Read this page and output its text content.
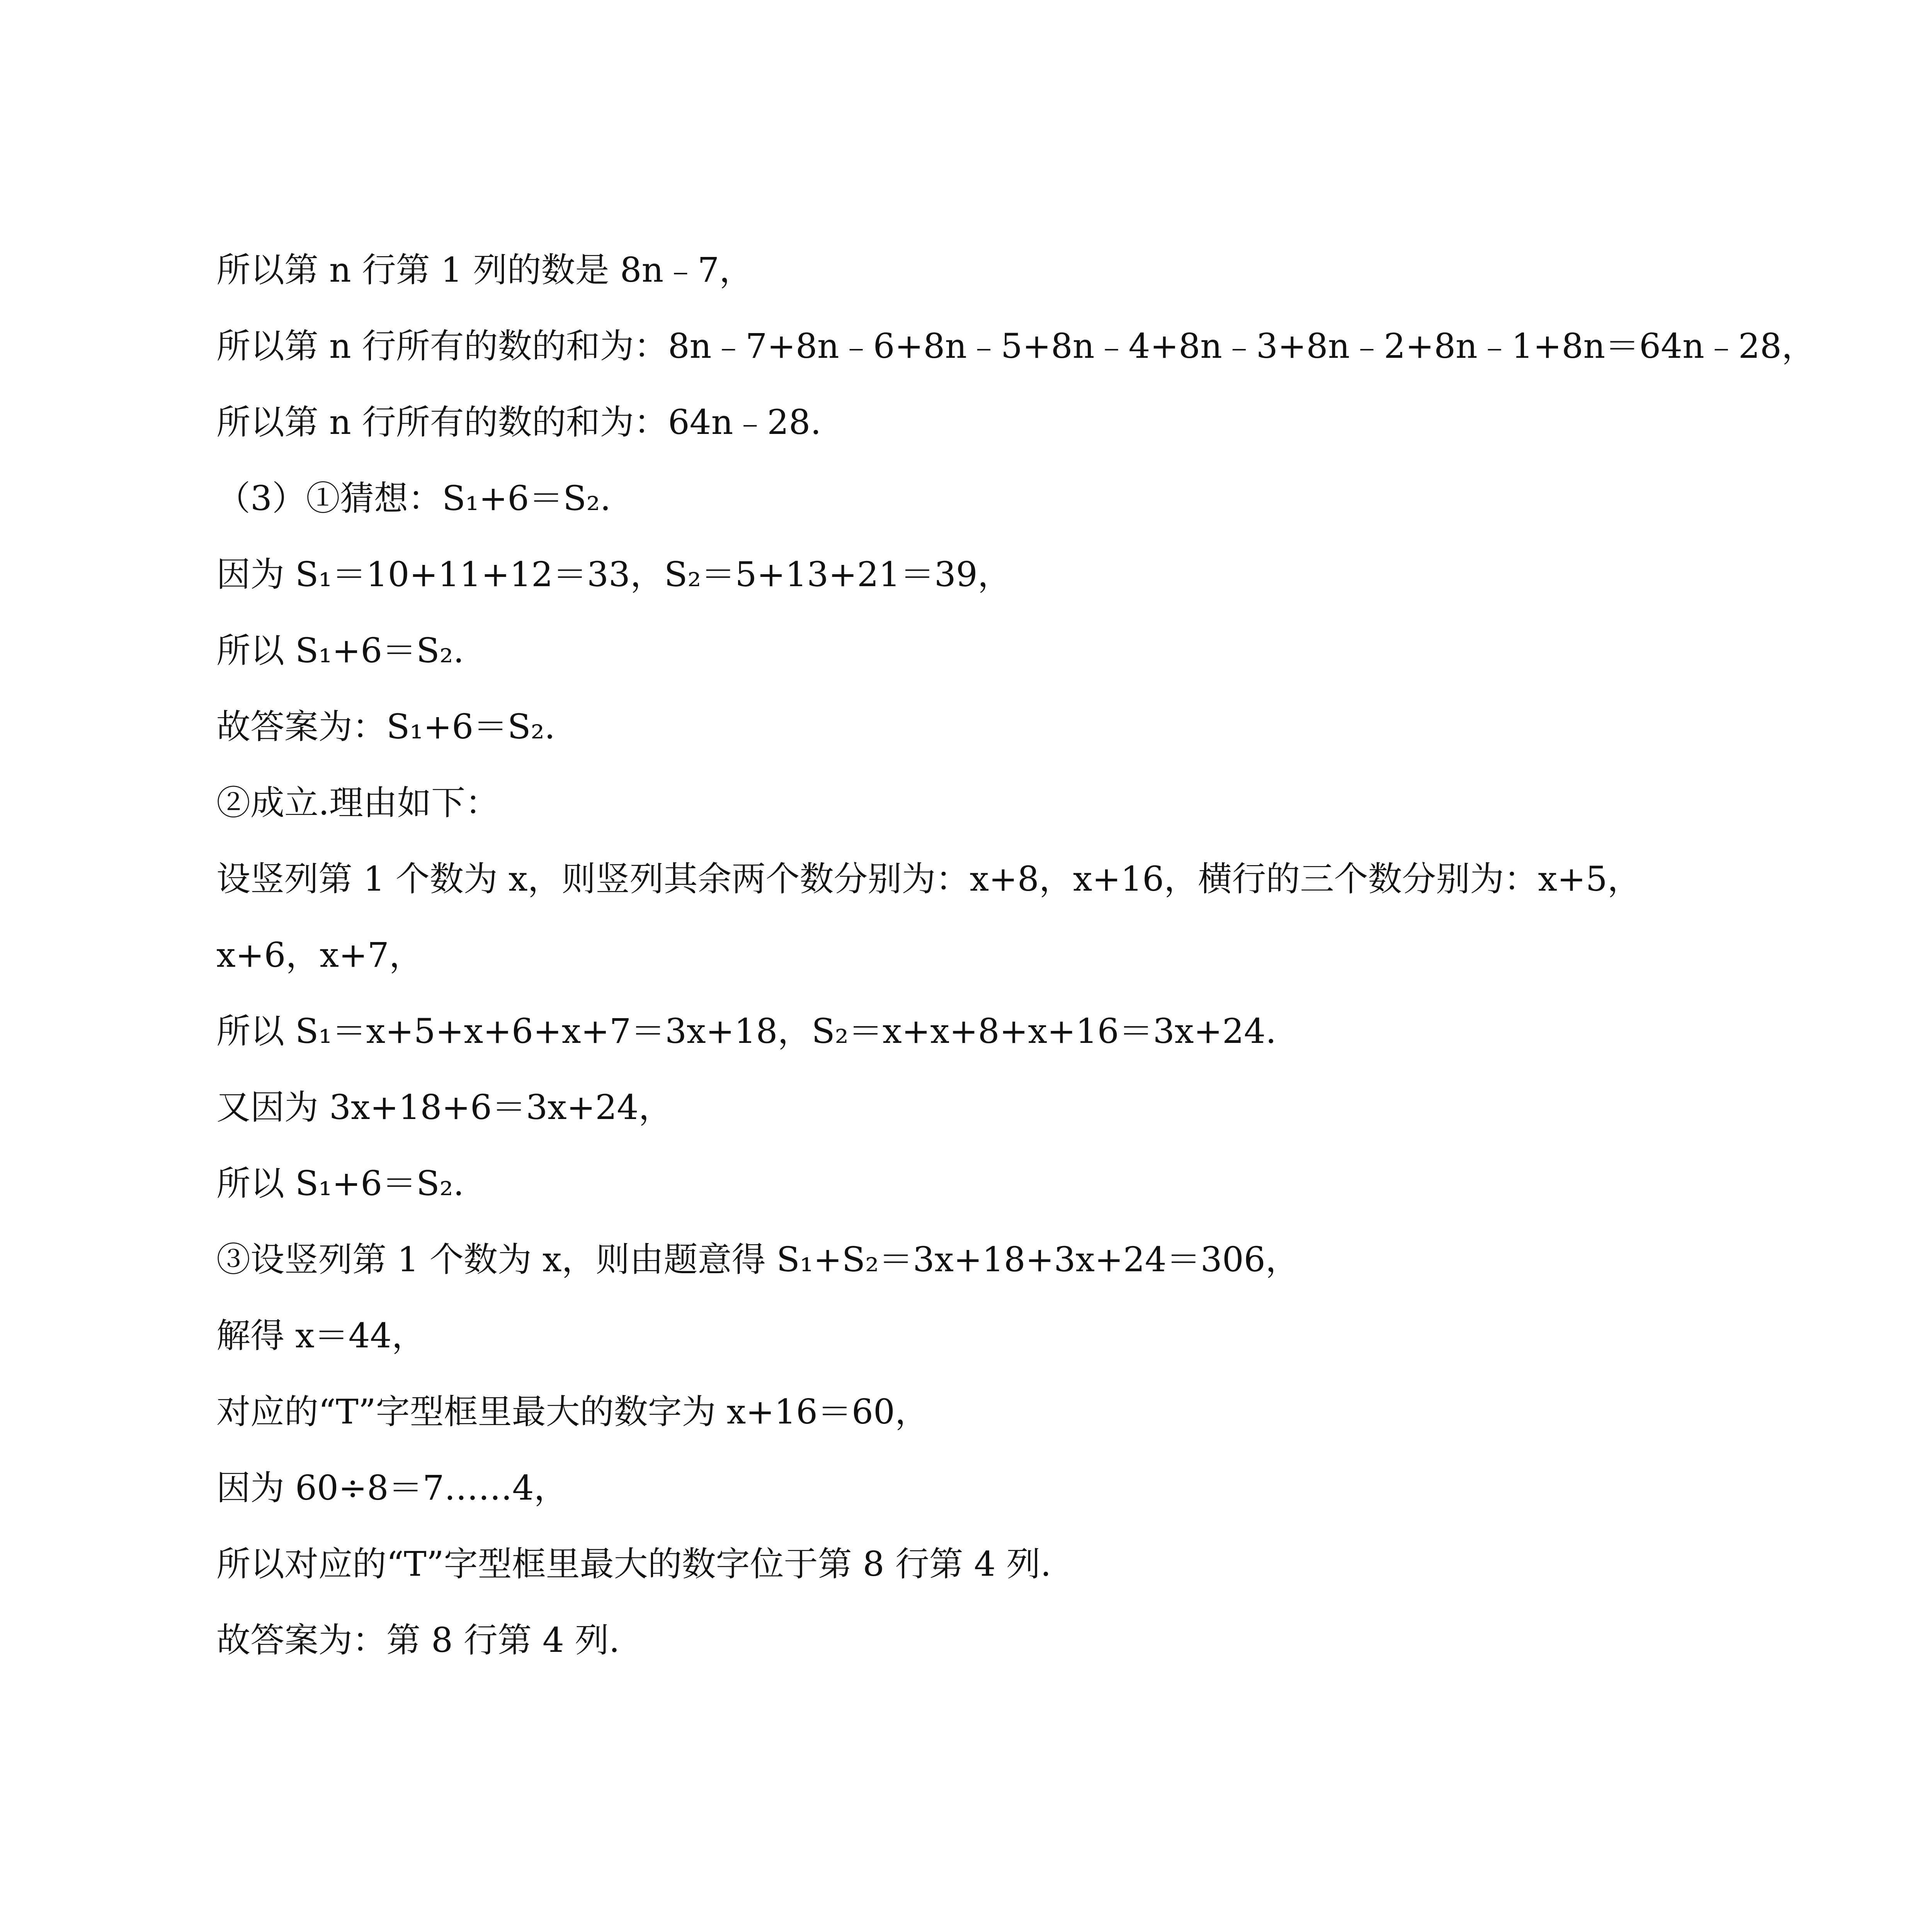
所以第 n 行第 1 列的数是 8n﹣7，

所以第 n 行所有的数的和为：8n﹣7+8n﹣6+8n﹣5+8n﹣4+8n﹣3+8n﹣2+8n﹣1+8n＝64n﹣28，

所以第 n 行所有的数的和为：64n﹣28.

（3）①猜想：S₁+6＝S₂.

因为 S₁＝10+11+12＝33，S₂＝5+13+21＝39，

所以 S₁+6＝S₂.

故答案为：S₁+6＝S₂.

②成立.理由如下：

设竖列第 1 个数为 x，则竖列其余两个数分别为：x+8，x+16，横行的三个数分别为：x+5，

x+6，x+7，

所以 S₁＝x+5+x+6+x+7＝3x+18，S₂＝x+x+8+x+16＝3x+24.

又因为 3x+18+6＝3x+24，

所以 S₁+6＝S₂.

③设竖列第 1 个数为 x，则由题意得 S₁+S₂＝3x+18+3x+24＝306，

解得 x＝44，

对应的“T”字型框里最大的数字为 x+16＝60，

因为 60÷8＝7……4，

所以对应的“T”字型框里最大的数字位于第 8 行第 4 列.

故答案为：第 8 行第 4 列.
